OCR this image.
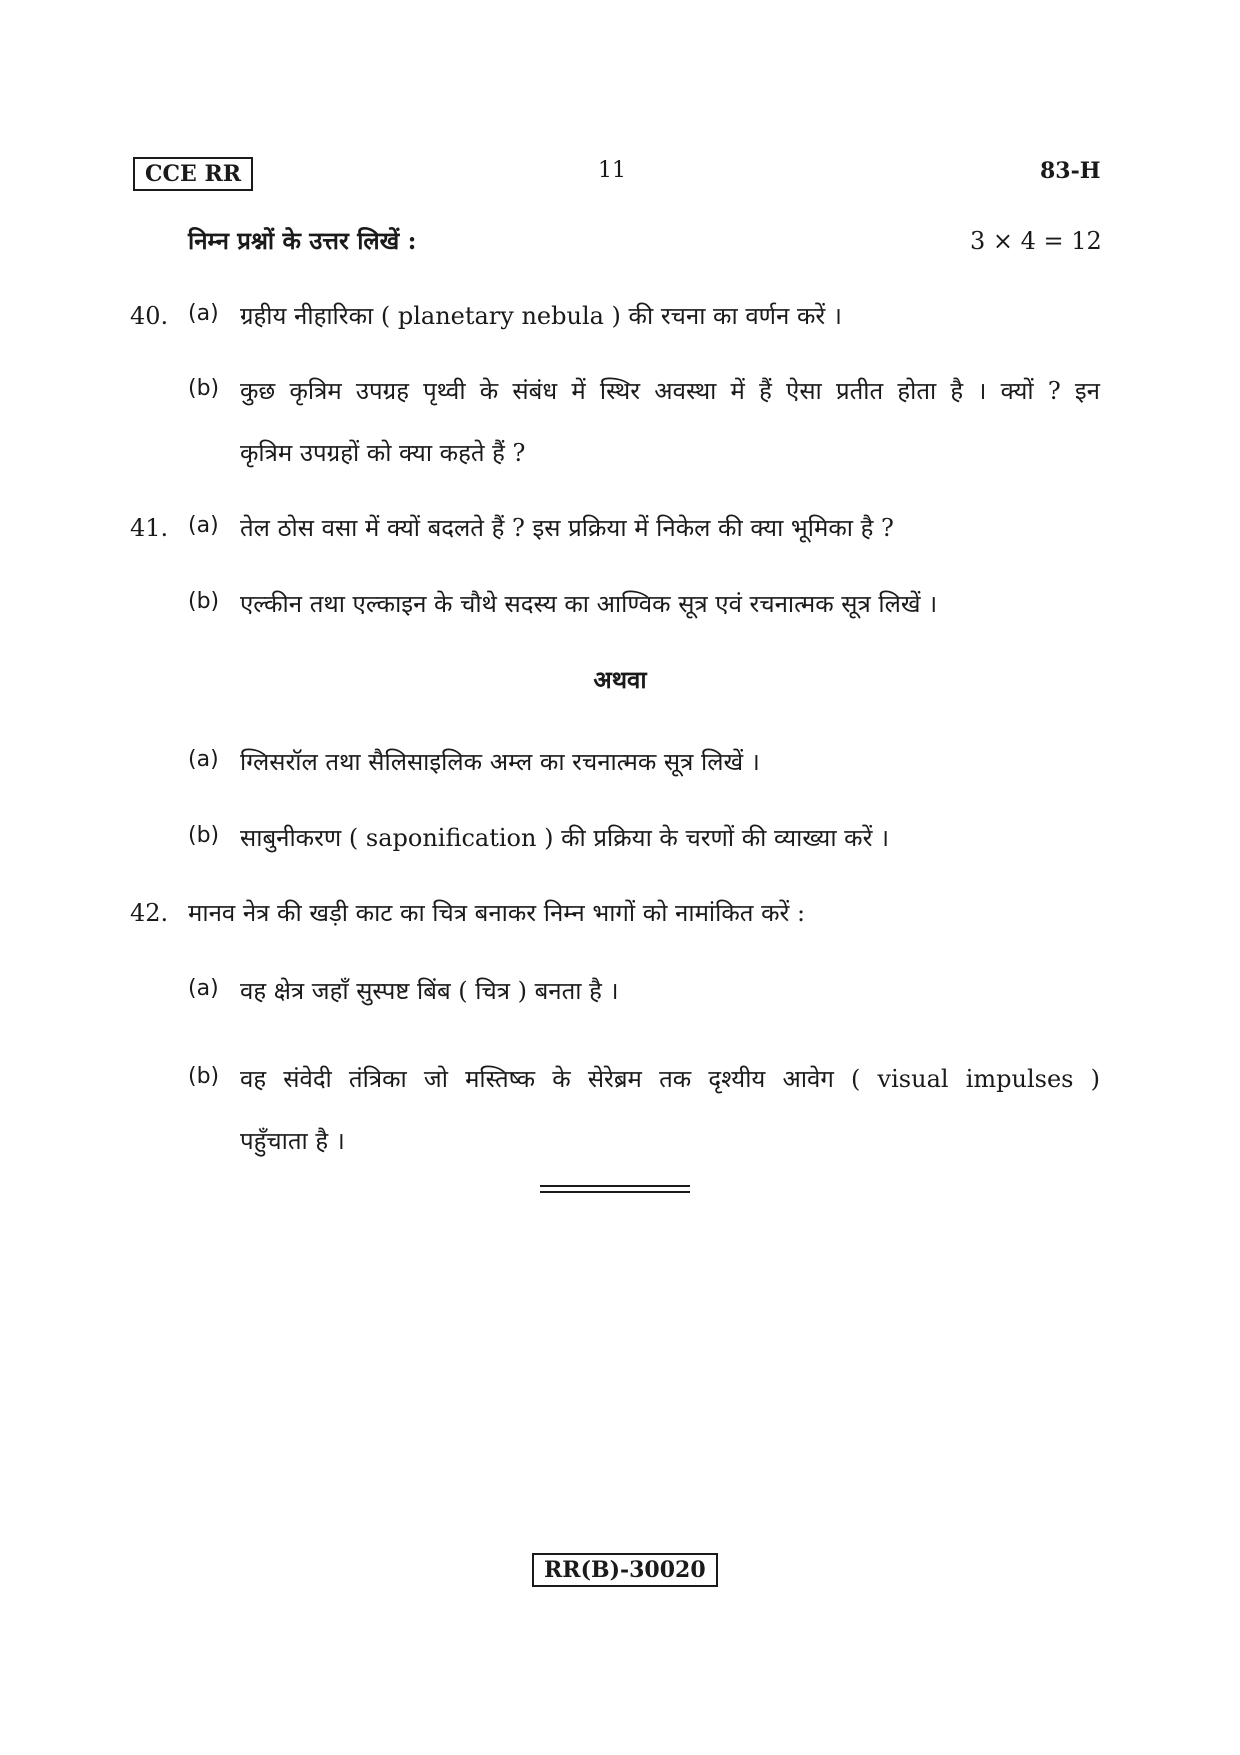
CCE RR	11	83-H
निम्न प्रश्नों के उत्तर लिखें :	3 × 4 = 12
40. (a) ग्रहीय नीहारिका ( planetary nebula ) की रचना का वर्णन करें ।
(b) कुछ कृत्रिम उपग्रह पृथ्वी के संबंध में स्थिर अवस्था में हैं ऐसा प्रतीत होता है । क्यों ? इन
कृत्रिम उपग्रहों को क्या कहते हैं ?
41. (a) तेल ठोस वसा में क्यों बदलते हैं ? इस प्रक्रिया में निकेल की क्या भूमिका है ?
(b) एल्कीन तथा एल्काइन के चौथे सदस्य का आण्विक सूत्र एवं रचनात्मक सूत्र लिखें ।
अथवा
(a) ग्लिसरॉल तथा सैलिसाइलिक अम्ल का रचनात्मक सूत्र लिखें ।
(b) साबुनीकरण ( saponification ) की प्रक्रिया के चरणों की व्याख्या करें ।
42. मानव नेत्र की खड़ी काट का चित्र बनाकर निम्न भागों को नामांकित करें :
(a) वह क्षेत्र जहाँ सुस्पष्ट बिंब ( चित्र ) बनता है ।
(b) वह संवेदी तंत्रिका जो मस्तिष्क के सेरेब्रम तक दृश्यीय आवेग ( visual impulses )
पहुँचाता है ।
RR(B)-30020
